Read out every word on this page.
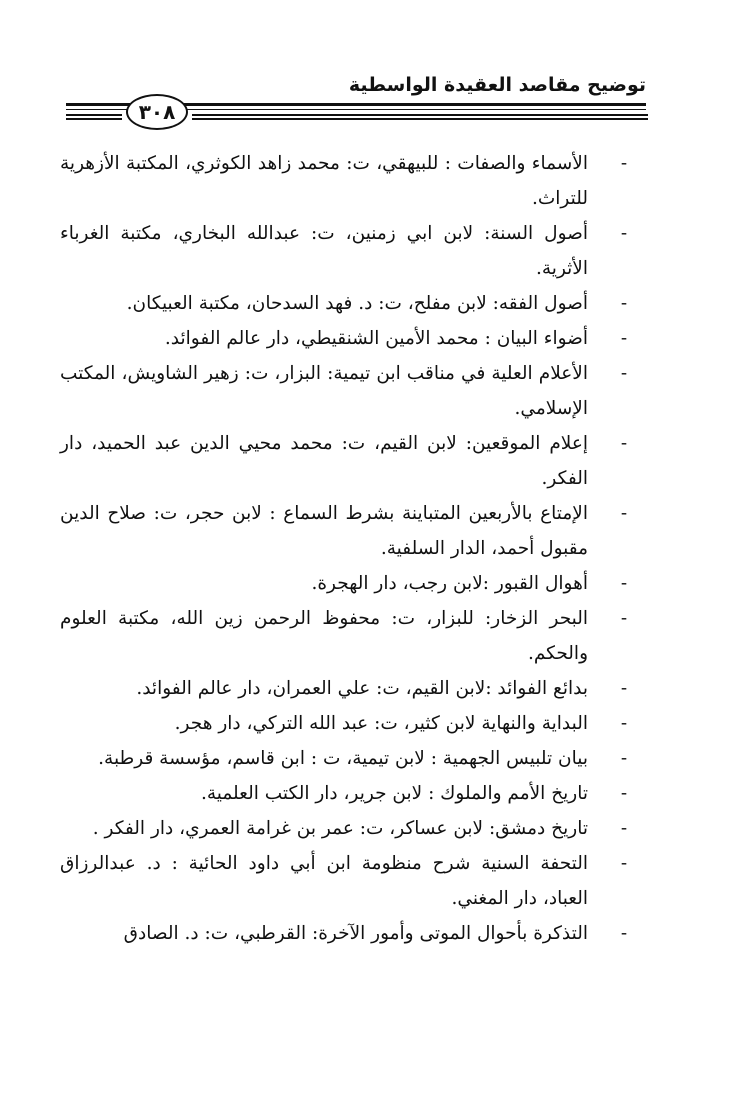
توضيح مقاصد العقيدة الواسطية
٣٠٨
-
الأسماء والصفات : للبيهقي، ت: محمد زاهد الكوثري، المكتبة الأزهرية للتراث.
-
أصول السنة: لابن ابي زمنين، ت: عبدالله البخاري، مكتبة الغرباء الأثرية.
-
أصول الفقه: لابن مفلح، ت: د. فهد السدحان، مكتبة العبيكان.
-
أضواء البيان : محمد الأمين الشنقيطي، دار عالم الفوائد.
-
الأعلام العلية في مناقب ابن تيمية: البزار، ت: زهير الشاويش، المكتب الإسلامي.
-
إعلام الموقعين: لابن القيم، ت: محمد محيي الدين عبد الحميد، دار الفكر.
-
الإمتاع بالأربعين المتباينة بشرط السماع : لابن حجر، ت: صلاح الدين مقبول أحمد، الدار السلفية.
-
أهوال القبور :لابن رجب، دار الهجرة.
-
البحر الزخار: للبزار، ت: محفوظ الرحمن زين الله، مكتبة العلوم والحكم.
-
بدائع الفوائد :لابن القيم، ت: علي العمران، دار عالم الفوائد.
-
البداية والنهاية لابن كثير، ت: عبد الله التركي، دار هجر.
-
بيان تلبيس الجهمية : لابن تيمية، ت : ابن قاسم، مؤسسة قرطبة.
-
تاريخ الأمم والملوك : لابن جرير، دار الكتب العلمية.
-
تاريخ دمشق: لابن عساكر، ت: عمر بن غرامة العمري، دار الفكر .
-
التحفة السنية شرح منظومة ابن أبي داود الحائية : د. عبدالرزاق العباد، دار المغني.
-
التذكرة بأحوال الموتى وأمور الآخرة: القرطبي، ت: د. الصادق
